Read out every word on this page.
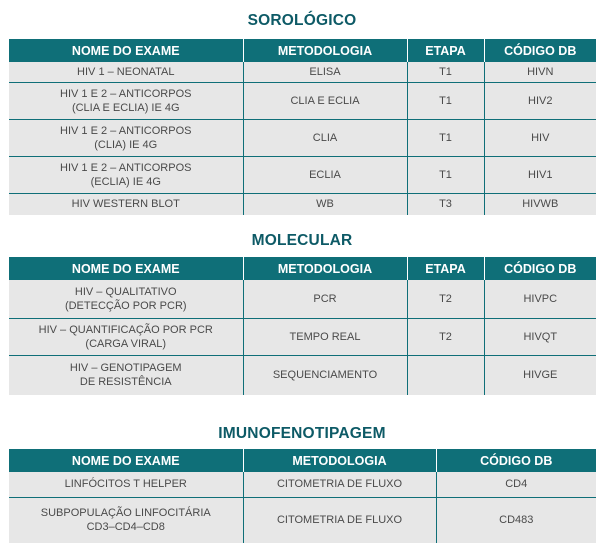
SOROLÓGICO
NOME DO EXAME	METODOLOGIA	ETAPA	CÓDIGO DB

HIV 1 – NEONATAL	ELISA	T1	HIVN

HIV 1 E 2 – ANTICORPOS
(CLIA E ECLIA) IE 4G	CLIA E ECLIA	T1	HIV2

HIV 1 E 2 – ANTICORPOS
(CLIA) IE 4G	CLIA	T1	HIV

HIV 1 E 2 – ANTICORPOS
(ECLIA) IE 4G	ECLIA	T1	HIV1

HIV WESTERN BLOT	WB	T3	HIVWB
MOLECULAR
NOME DO EXAME	METODOLOGIA	ETAPA	CÓDIGO DB

HIV – QUALITATIVO
(DETECÇÃO POR PCR)	PCR	T2	HIVPC

HIV – QUANTIFICAÇÃO POR PCR
(CARGA VIRAL)	TEMPO REAL	T2	HIVQT

HIV – GENOTIPAGEM
DE RESISTÊNCIA	SEQUENCIAMENTO		HIVGE
IMUNOFENOTIPAGEM
NOME DO EXAME	METODOLOGIA	CÓDIGO DB

LINFÓCITOS T HELPER	CITOMETRIA DE FLUXO	CD4

SUBPOPULAÇÃO LINFOCITÁRIA
CD3–CD4–CD8	CITOMETRIA DE FLUXO	CD483
